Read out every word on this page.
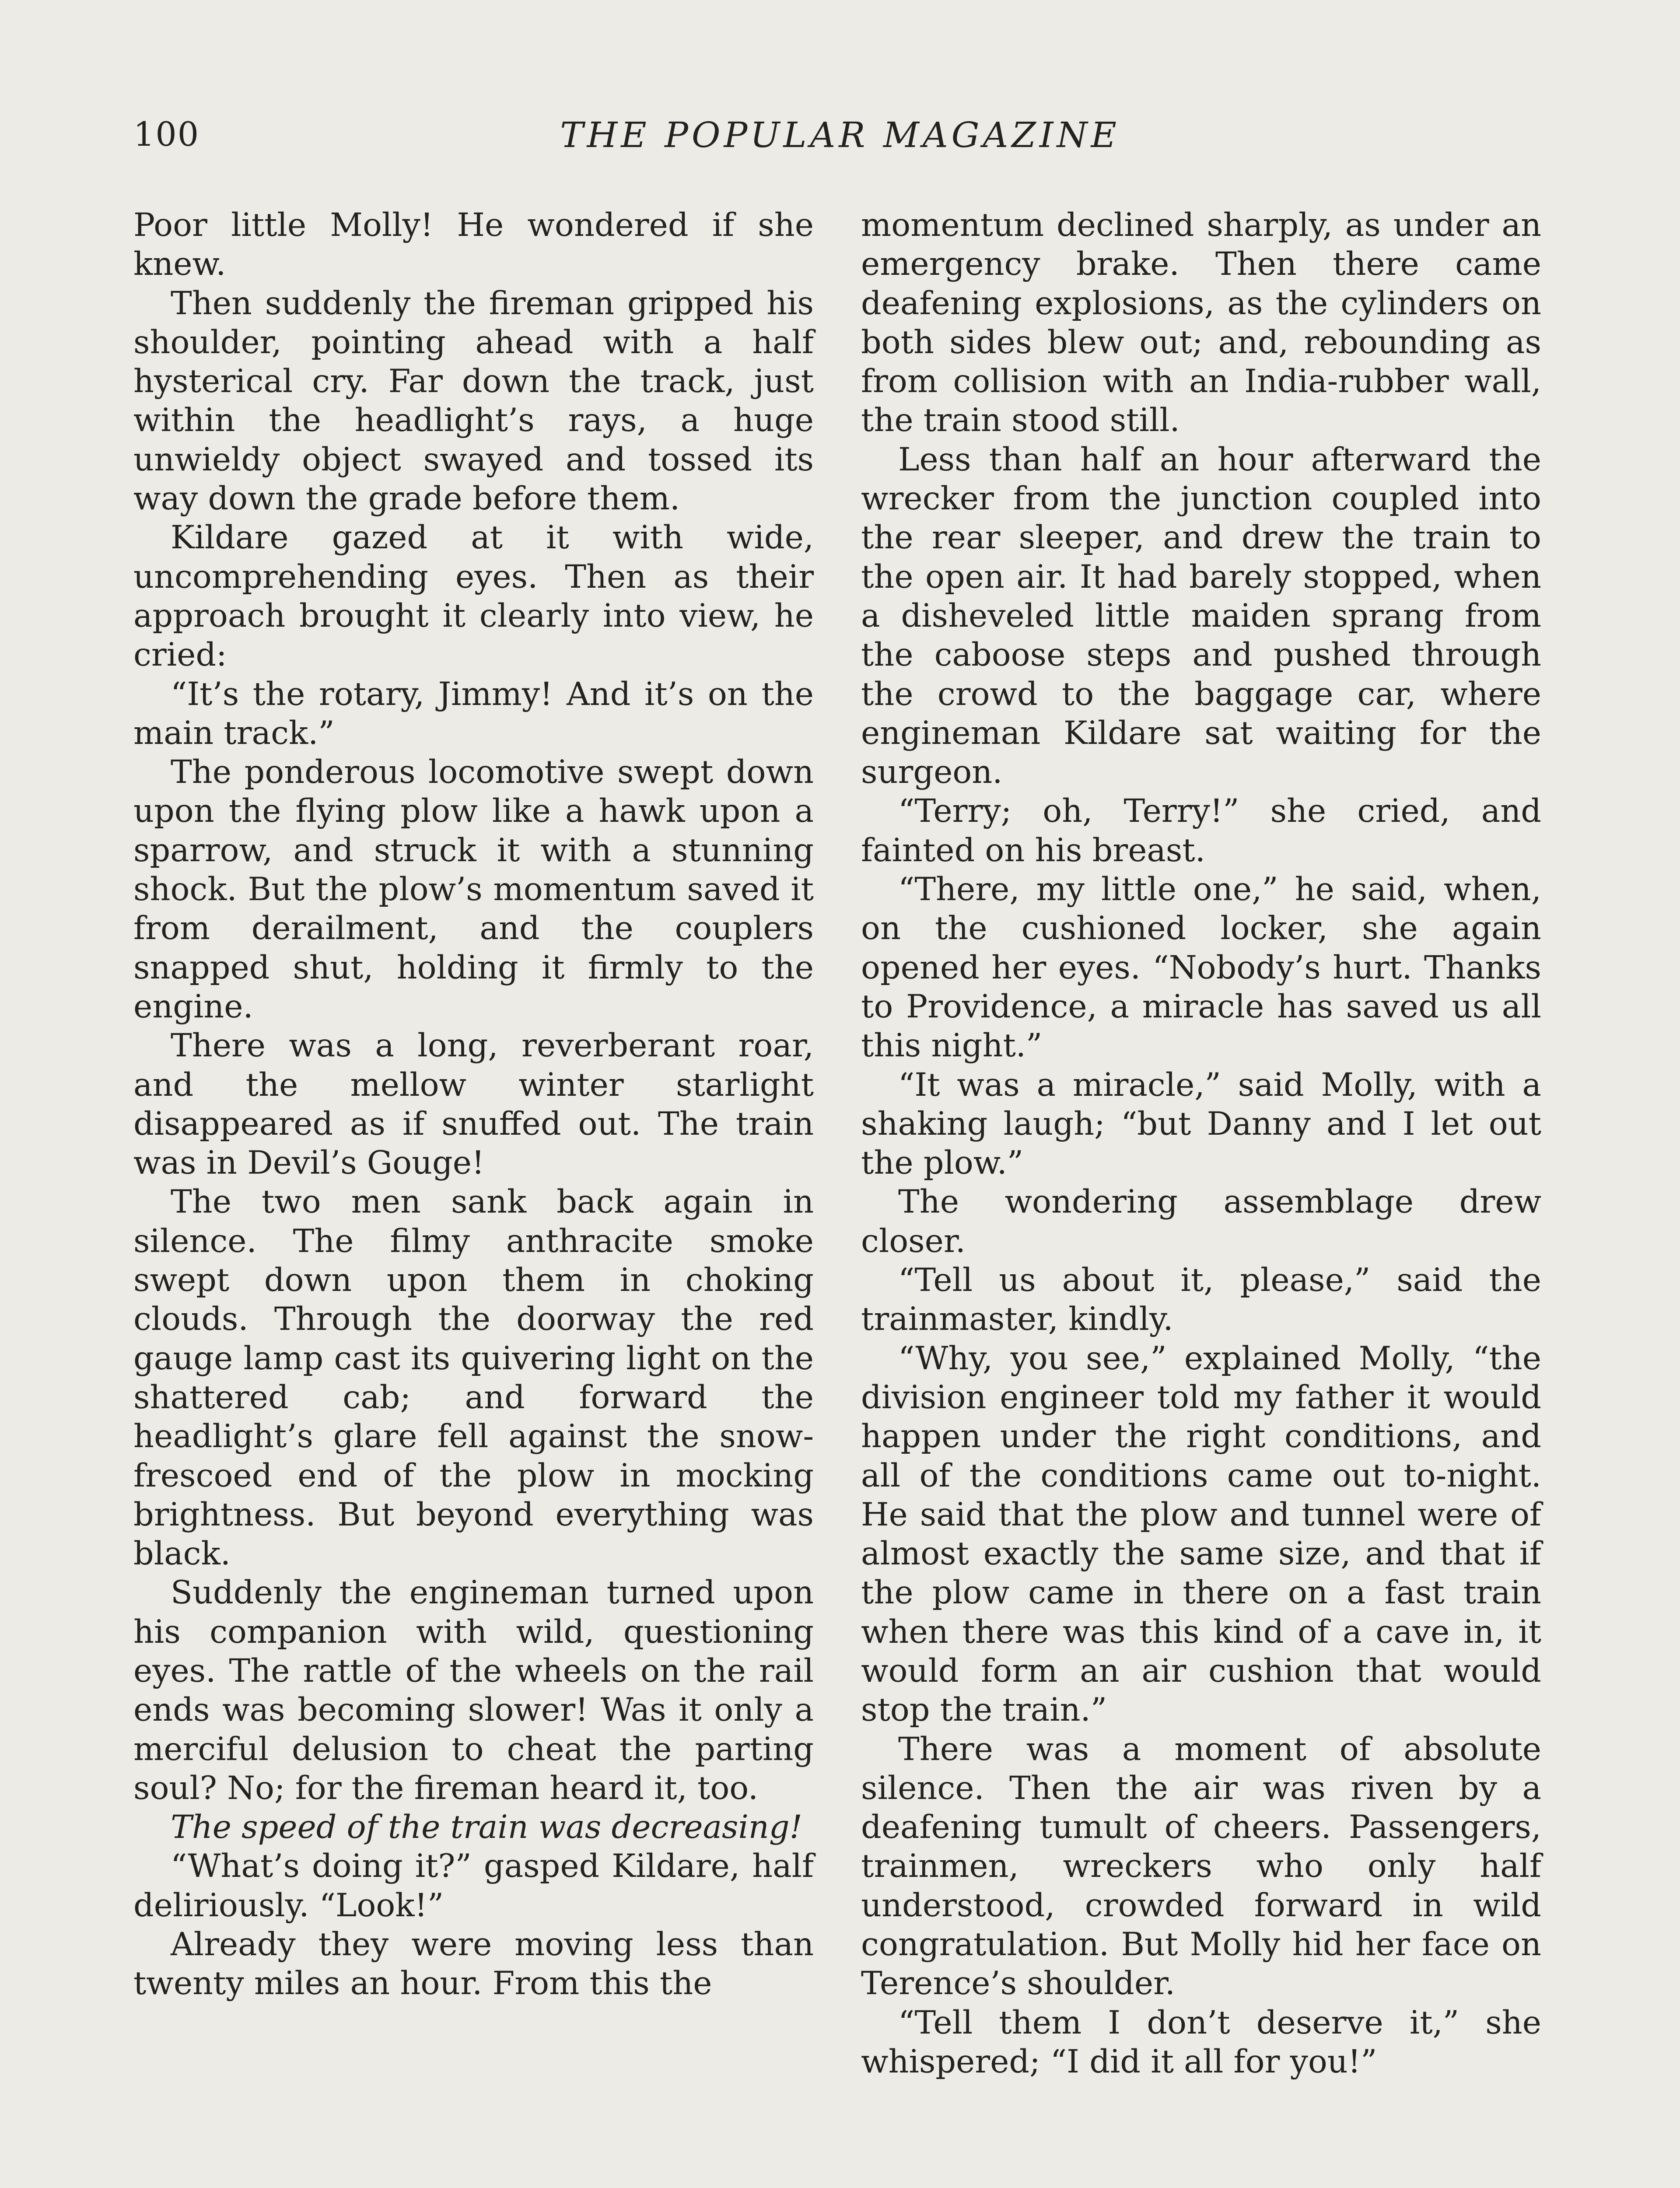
100	THE POPULAR MAGAZINE

Poor little Molly! He wondered if she knew.

Then suddenly the fireman gripped his shoulder, pointing ahead with a half hysterical cry. Far down the track, just within the headlight’s rays, a huge unwieldy object swayed and tossed its way down the grade before them.

Kildare gazed at it with wide, uncomprehending eyes. Then as their approach brought it clearly into view, he cried:

“It’s the rotary, Jimmy! And it’s on the main track.”

The ponderous locomotive swept down upon the flying plow like a hawk upon a sparrow, and struck it with a stunning shock. But the plow’s momentum saved it from derailment, and the couplers snapped shut, holding it firmly to the engine.

There was a long, reverberant roar, and the mellow winter starlight disappeared as if snuffed out. The train was in Devil’s Gouge!

The two men sank back again in silence. The filmy anthracite smoke swept down upon them in choking clouds. Through the doorway the red gauge lamp cast its quivering light on the shattered cab; and forward the headlight’s glare fell against the snow-frescoed end of the plow in mocking brightness. But beyond everything was black.

Suddenly the engineman turned upon his companion with wild, questioning eyes. The rattle of the wheels on the rail ends was becoming slower! Was it only a merciful delusion to cheat the parting soul? No; for the fireman heard it, too.

The speed of the train was decreasing!

“What’s doing it?” gasped Kildare, half deliriously. “Look!”

Already they were moving less than twenty miles an hour. From this the

momentum declined sharply, as under an emergency brake. Then there came deafening explosions, as the cylinders on both sides blew out; and, rebounding as from collision with an India-rubber wall, the train stood still.

Less than half an hour afterward the wrecker from the junction coupled into the rear sleeper, and drew the train to the open air. It had barely stopped, when a disheveled little maiden sprang from the caboose steps and pushed through the crowd to the baggage car, where engineman Kildare sat waiting for the surgeon.

“Terry; oh, Terry!” she cried, and fainted on his breast.

“There, my little one,” he said, when, on the cushioned locker, she again opened her eyes. “Nobody’s hurt. Thanks to Providence, a miracle has saved us all this night.”

“It was a miracle,” said Molly, with a shaking laugh; “but Danny and I let out the plow.”

The wondering assemblage drew closer.

“Tell us about it, please,” said the trainmaster, kindly.

“Why, you see,” explained Molly, “the division engineer told my father it would happen under the right conditions, and all of the conditions came out to-night. He said that the plow and tunnel were of almost exactly the same size, and that if the plow came in there on a fast train when there was this kind of a cave in, it would form an air cushion that would stop the train.”

There was a moment of absolute silence. Then the air was riven by a deafening tumult of cheers. Passengers, trainmen, wreckers who only half understood, crowded forward in wild congratulation. But Molly hid her face on Terence’s shoulder.

“Tell them I don’t deserve it,” she whispered; “I did it all for you!”
